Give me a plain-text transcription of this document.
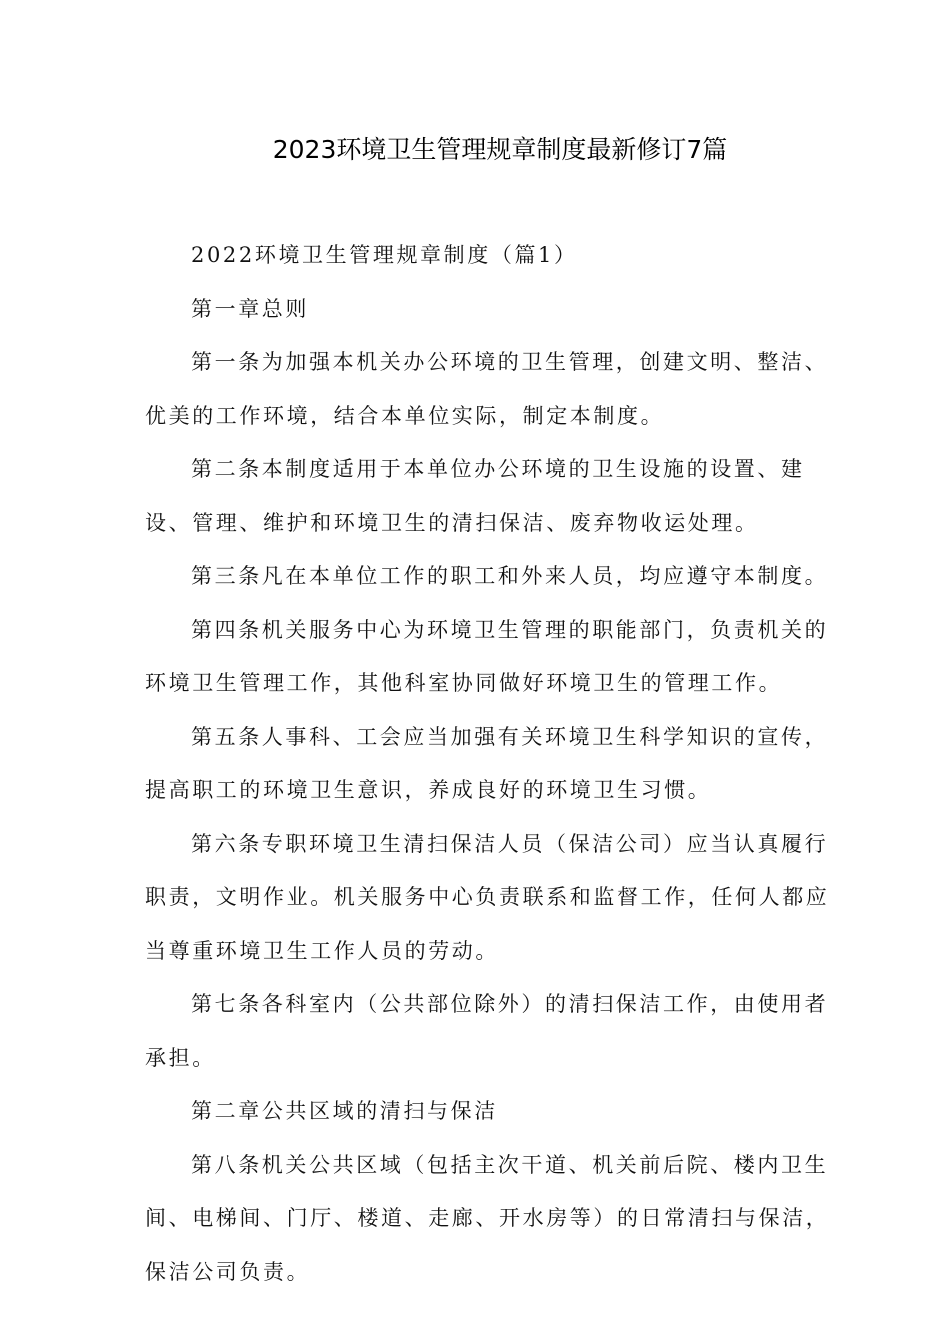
2023环境卫生管理规章制度最新修订7篇
2022环境卫生管理规章制度（篇1）
第一章总则
第一条为加强本机关办公环境的卫生管理，创建文明、整洁、
优美的工作环境，结合本单位实际，制定本制度。
第二条本制度适用于本单位办公环境的卫生设施的设置、建
设、管理、维护和环境卫生的清扫保洁、废弃物收运处理。
第三条凡在本单位工作的职工和外来人员，均应遵守本制度。
第四条机关服务中心为环境卫生管理的职能部门，负责机关的
环境卫生管理工作，其他科室协同做好环境卫生的管理工作。
第五条人事科、工会应当加强有关环境卫生科学知识的宣传，
提高职工的环境卫生意识，养成良好的环境卫生习惯。
第六条专职环境卫生清扫保洁人员（保洁公司）应当认真履行
职责，文明作业。机关服务中心负责联系和监督工作，任何人都应
当尊重环境卫生工作人员的劳动。
第七条各科室内（公共部位除外）的清扫保洁工作，由使用者
承担。
第二章公共区域的清扫与保洁
第八条机关公共区域（包括主次干道、机关前后院、楼内卫生
间、电梯间、门厅、楼道、走廊、开水房等）的日常清扫与保洁，
保洁公司负责。
